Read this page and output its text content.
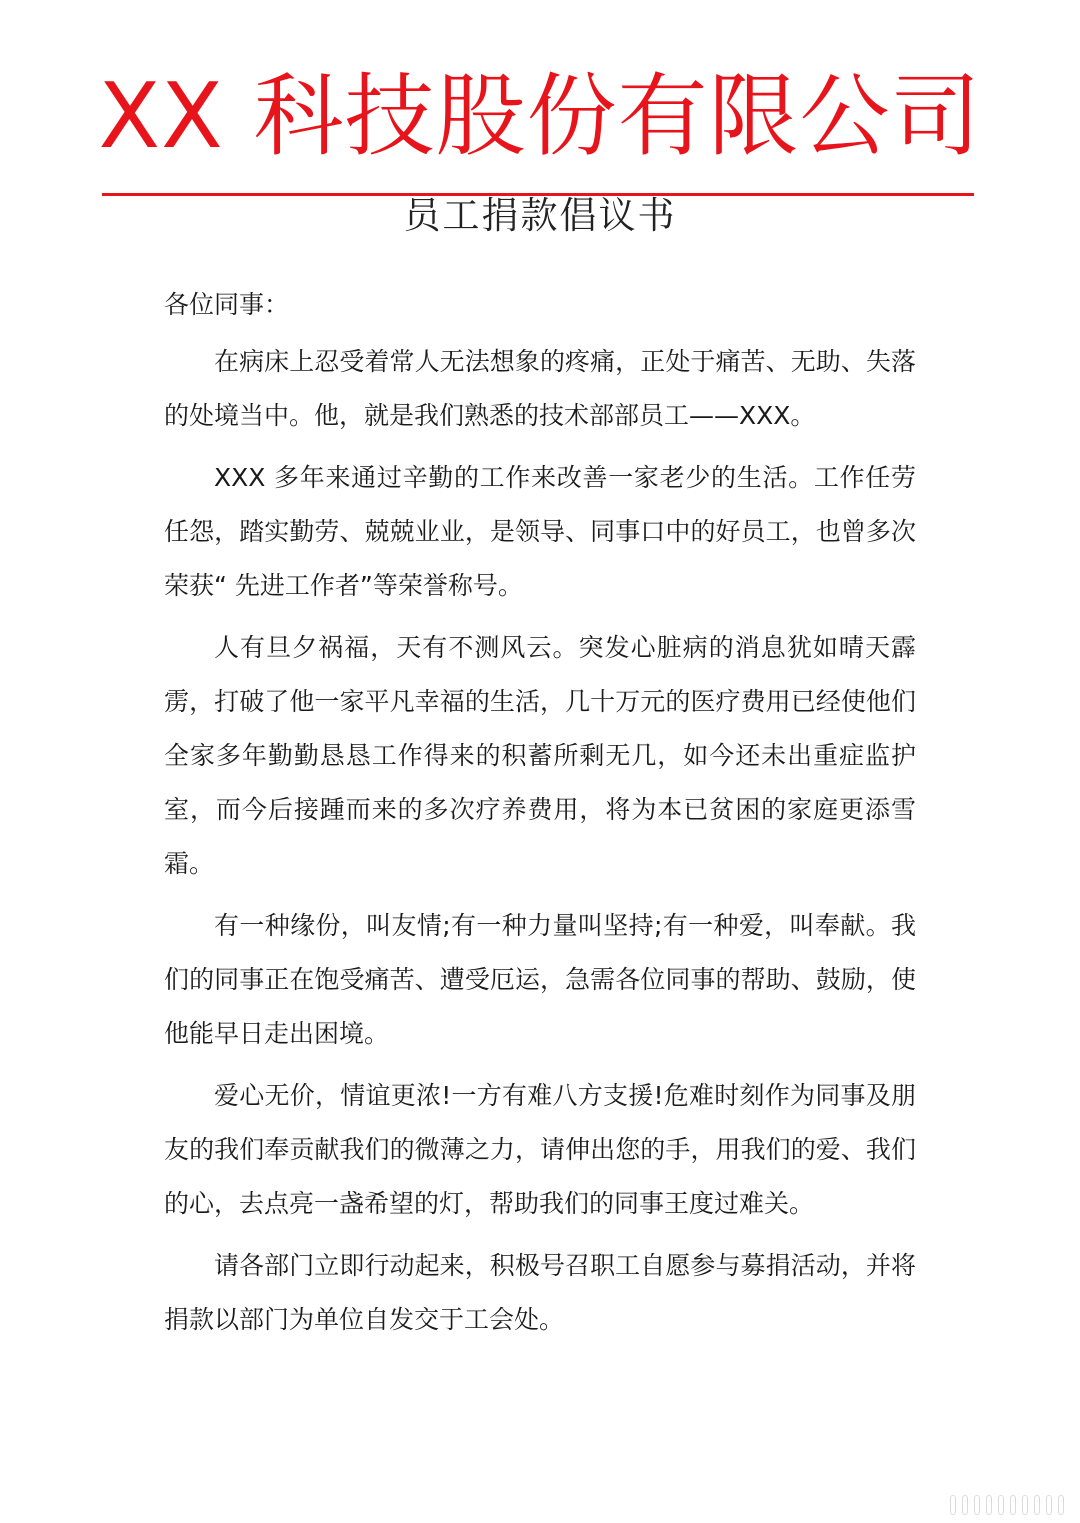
XX 科技股份有限公司
员工捐款倡议书
各位同事：

在病床上忍受着常人无法想象的疼痛，正处于痛苦、无助、失落的处境当中。他，就是我们熟悉的技术部部员工——XXX。

XXX 多年来通过辛勤的工作来改善一家老少的生活。工作任劳任怨，踏实勤劳、兢兢业业，是领导、同事口中的好员工，也曾多次荣获“ 先进工作者”等荣誉称号。

人有旦夕祸福，天有不测风云。突发心脏病的消息犹如晴天霹雳，打破了他一家平凡幸福的生活，几十万元的医疗费用已经使他们全家多年勤勤恳恳工作得来的积蓄所剩无几，如今还未出重症监护室，而今后接踵而来的多次疗养费用，将为本已贫困的家庭更添雪霜。

有一种缘份，叫友情;有一种力量叫坚持;有一种爱，叫奉献。我们的同事正在饱受痛苦、遭受厄运，急需各位同事的帮助、鼓励，使他能早日走出困境。

爱心无价，情谊更浓!一方有难八方支援!危难时刻作为同事及朋友的我们奉贡献我们的微薄之力，请伸出您的手，用我们的爱、我们的心，去点亮一盏希望的灯，帮助我们的同事王度过难关。

请各部门立即行动起来，积极号召职工自愿参与募捐活动，并将捐款以部门为单位自发交于工会处。
